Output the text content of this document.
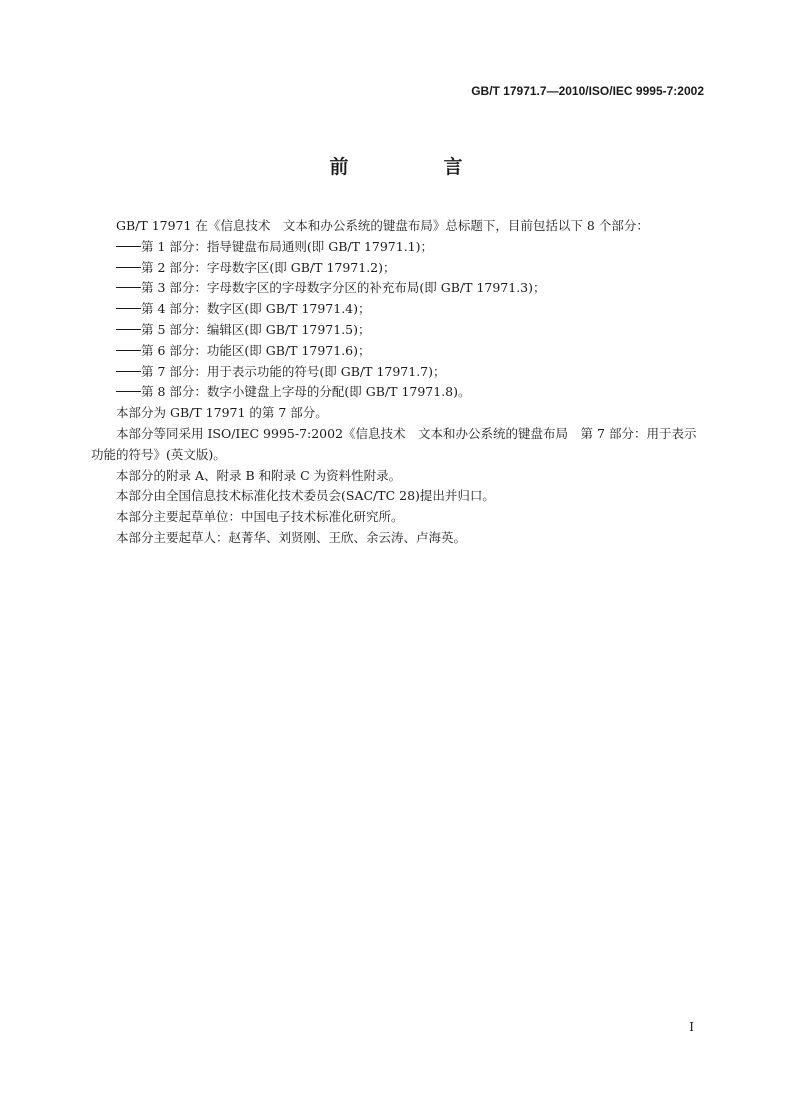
GB/T 17971.7—2010/ISO/IEC 9995-7:2002
前　言

GB/T 17971 在《信息技术　文本和办公系统的键盘布局》总标题下，目前包括以下 8 个部分：

第 1 部分：指导键盘布局通则(即 GB/T 17971.1)；
第 2 部分：字母数字区(即 GB/T 17971.2)；
第 3 部分：字母数字区的字母数字分区的补充布局(即 GB/T 17971.3)；
第 4 部分：数字区(即 GB/T 17971.4)；
第 5 部分：编辑区(即 GB/T 17971.5)；
第 6 部分：功能区(即 GB/T 17971.6)；
第 7 部分：用于表示功能的符号(即 GB/T 17971.7)；
第 8 部分：数字小键盘上字母的分配(即 GB/T 17971.8)。

本部分为 GB/T 17971 的第 7 部分。

本部分等同采用 ISO/IEC 9995-7:2002《信息技术　文本和办公系统的键盘布局　第 7 部分：用于表示功能的符号》(英文版)。

本部分的附录 A、附录 B 和附录 C 为资料性附录。

本部分由全国信息技术标准化技术委员会(SAC/TC 28)提出并归口。

本部分主要起草单位：中国电子技术标准化研究所。

本部分主要起草人：赵菁华、刘贤刚、王欣、余云涛、卢海英。

I
